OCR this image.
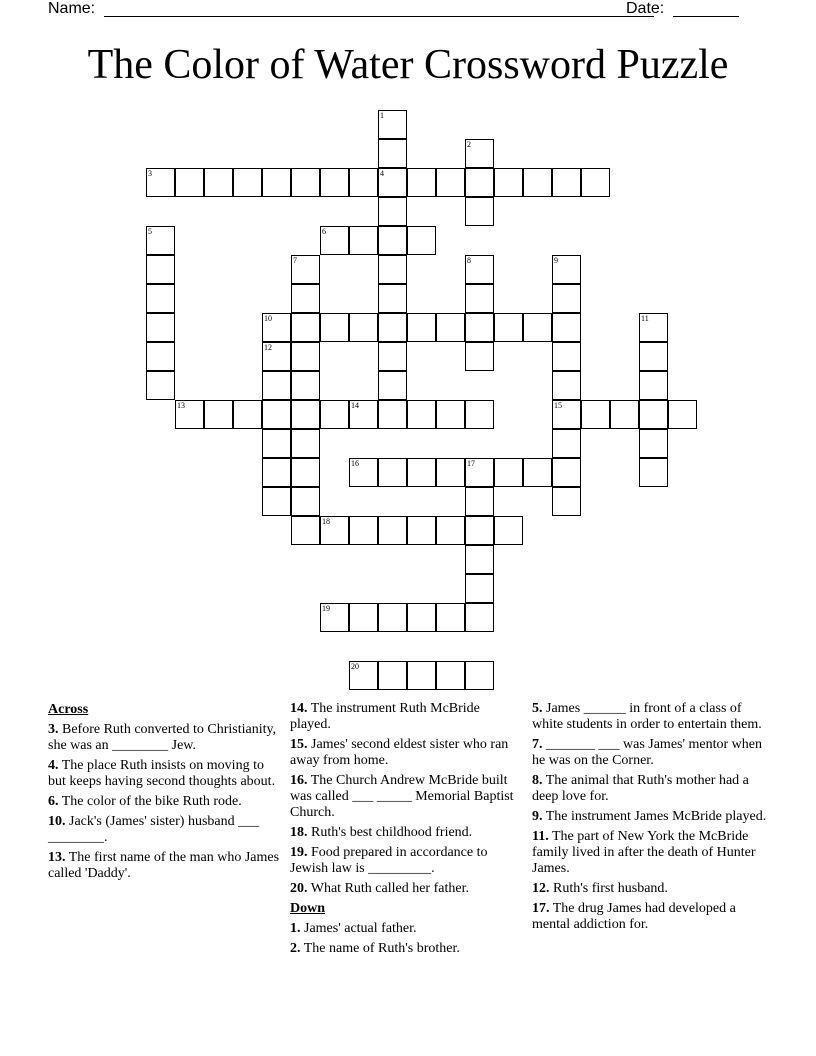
Name:	Date:
The Color of Water Crossword Puzzle
1
4
2
3
5	6
7	8	9
15
10	11
12
13	14
16	17
18
19
20
Across
3. Before Ruth converted to Christianity, she was an ________ Jew.
4. The place Ruth insists on moving to but keeps having second thoughts about.
6. The color of the bike Ruth rode.
10. Jack's (James' sister) husband ___ ________.
13. The first name of the man who James called 'Daddy'.
14. The instrument Ruth McBride played.
15. James' second eldest sister who ran away from home.
16. The Church Andrew McBride built was called ___ _____ Memorial Baptist Church.
18. Ruth's best childhood friend.
19. Food prepared in accordance to Jewish law is _________.
20. What Ruth called her father.
Down
1. James' actual father.
2. The name of Ruth's brother.
5. James ______ in front of a class of white students in order to entertain them.
7. _______ ___ was James' mentor when he was on the Corner.
8. The animal that Ruth's mother had a deep love for.
9. The instrument James McBride played.
11. The part of New York the McBride family lived in after the death of Hunter James.
12. Ruth's first husband.
17. The drug James had developed a mental addiction for.
